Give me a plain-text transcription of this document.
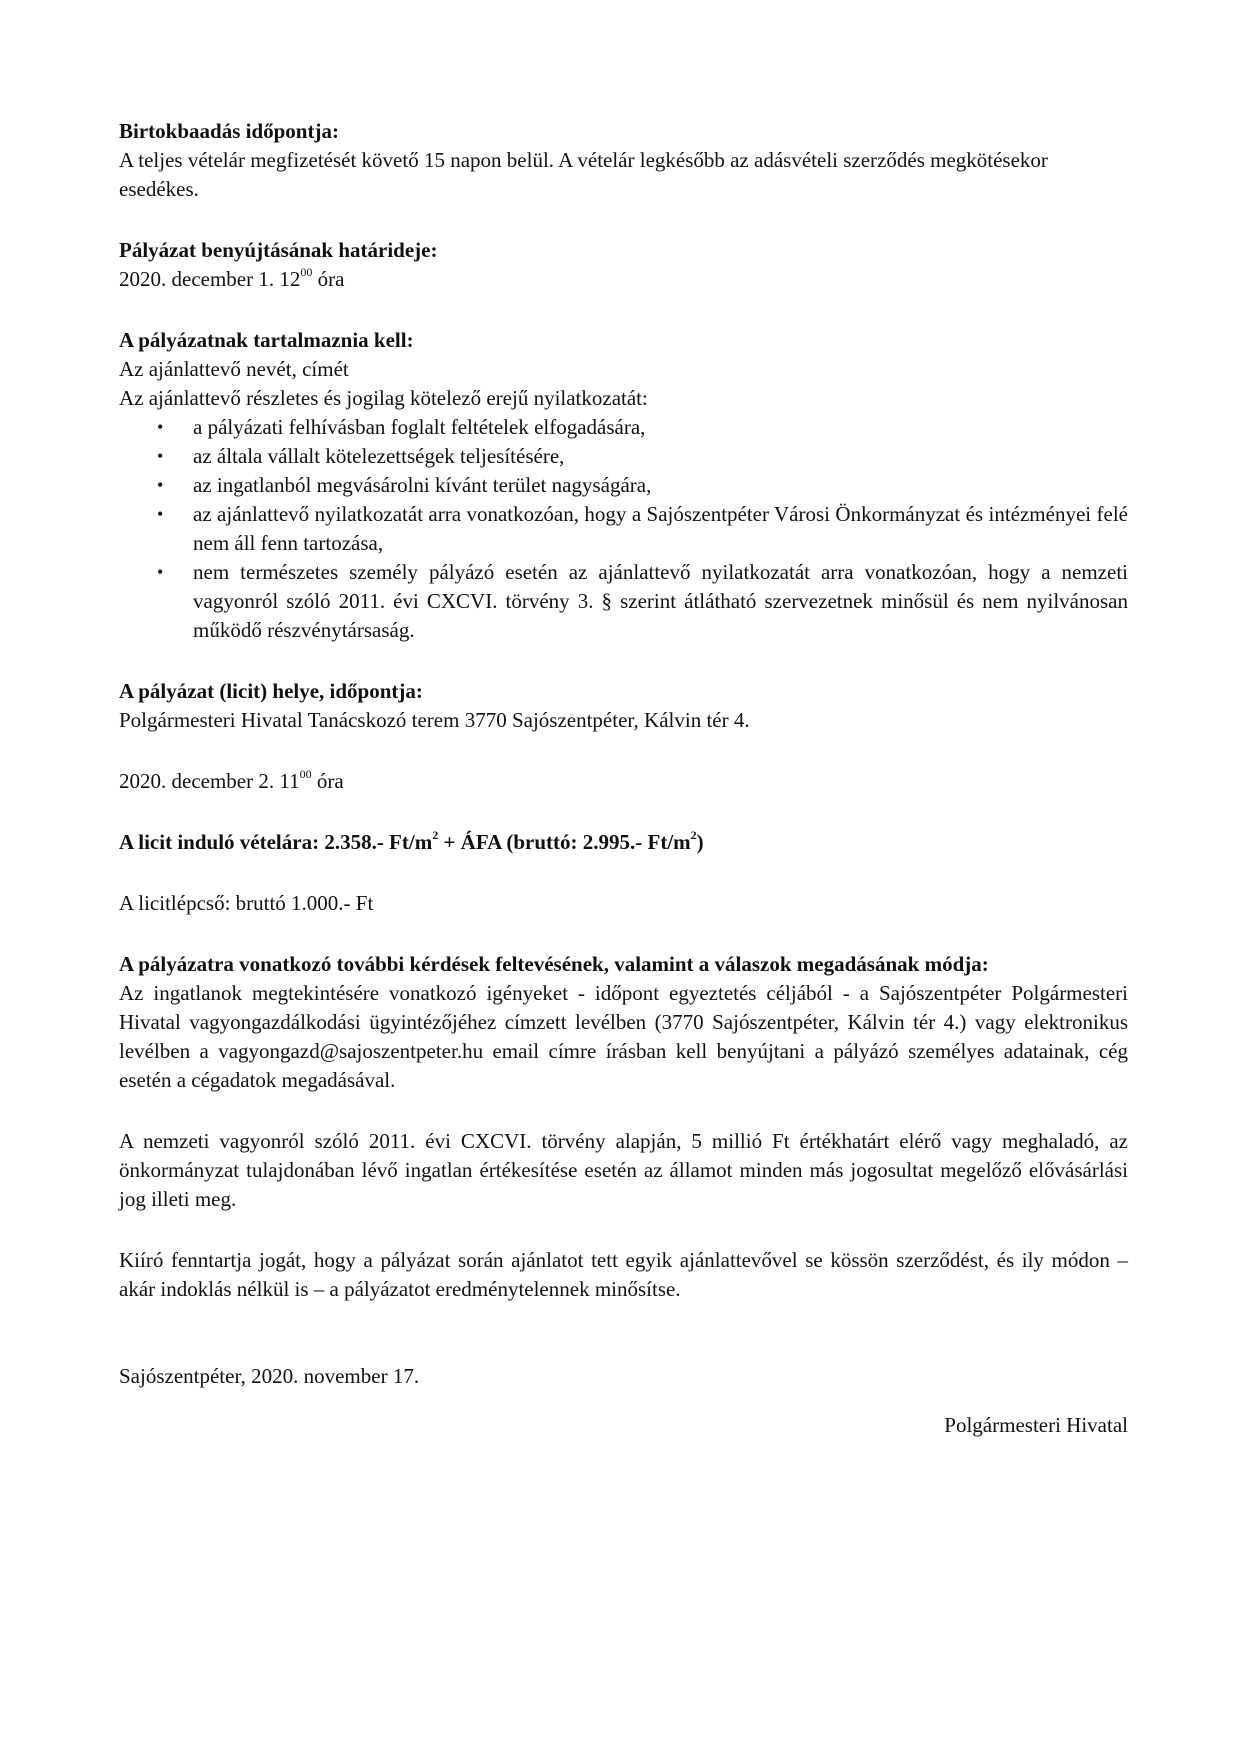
Birtokbaadás időpontja:

A teljes vételár megfizetését követő 15 napon belül. A vételár legkésőbb az adásvételi szerződés megkötésekor esedékes.

Pályázat benyújtásának határideje:

2020. december 1. $12^{00}$ óra

A pályázatnak tartalmaznia kell:

Az ajánlattevő nevét, címét

Az ajánlattevő részletes és jogilag kötelező erejű nyilatkozatát:

• a pályázati felhívásban foglalt feltételek elfogadására,
• az általa vállalt kötelezettségek teljesítésére,
• az ingatlanból megvásárolni kívánt terület nagyságára,
• az ajánlattevő nyilatkozatát arra vonatkozóan, hogy a Sajószentpéter Városi Önkormányzat és intézményei felé nem áll fenn tartozása,
• nem természetes személy pályázó esetén az ajánlattevő nyilatkozatát arra vonatkozóan, hogy a nemzeti vagyonról szóló 2011. évi CXCVI. törvény 3. § szerint átlátható szervezetnek minősül és nem nyilvánosan működő részvénytársaság.

A pályázat (licit) helye, időpontja:

Polgármesteri Hivatal Tanácskozó terem 3770 Sajószentpéter, Kálvin tér 4.

2020. december 2. $11^{00}$ óra

A licit induló vételára: 2.358.- $Ft/m^2$ + ÁFA (bruttó: 2.995.- $Ft/m^2$)

A licitlépcső: bruttó 1.000.- Ft

A pályázatra vonatkozó további kérdések feltevésének, valamint a válaszok megadásának módja:

Az ingatlanok megtekintésére vonatkozó igényeket - időpont egyeztetés céljából - a Sajószentpéter Polgármesteri Hivatal vagyongazdálkodási ügyintézőjéhez címzett levélben (3770 Sajószentpéter, Kálvin tér 4.) vagy elektronikus levélben a vagyongazd@sajoszentpeter.hu email címre írásban kell benyújtani a pályázó személyes adatainak, cég esetén a cégadatok megadásával.

A nemzeti vagyonról szóló 2011. évi CXCVI. törvény alapján, 5 millió Ft értékhatárt elérő vagy meghaladó, az önkormányzat tulajdonában lévő ingatlan értékesítése esetén az államot minden más jogosultat megelőző elővásárlási jog illeti meg.

Kiíró fenntartja jogát, hogy a pályázat során ajánlatot tett egyik ajánlattevővel se kössön szerződést, és ily módon – akár indoklás nélkül is – a pályázatot eredménytelennek minősítse.

Sajószentpéter, 2020. november 17.

Polgármesteri Hivatal
